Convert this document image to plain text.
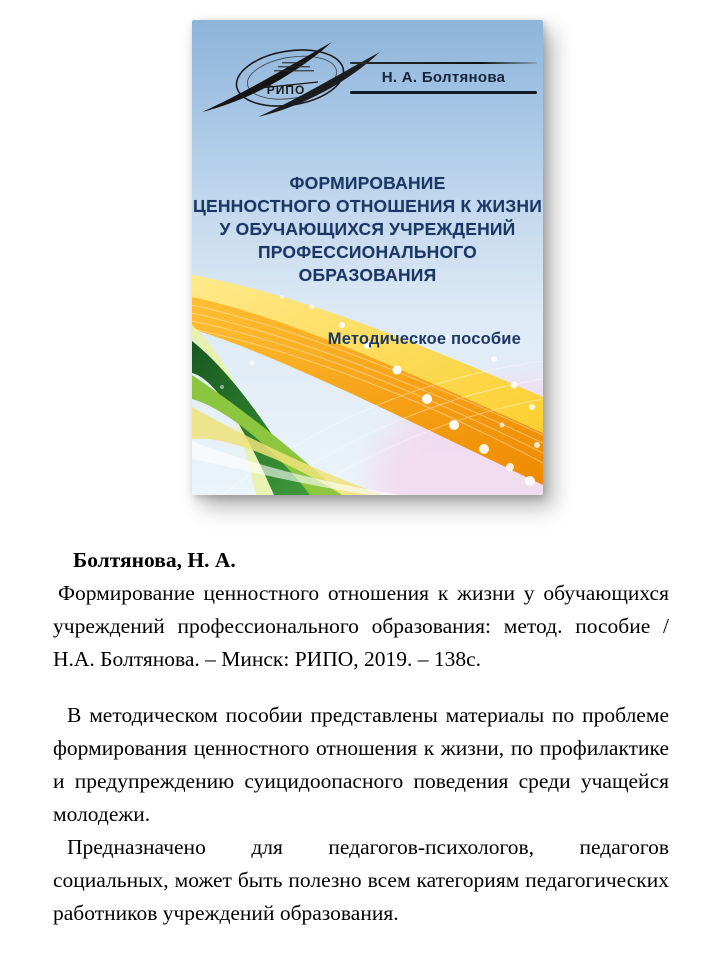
РИПО
Н. А. Болтянова
ФОРМИРОВАНИЕ
ЦЕННОСТНОГО ОТНОШЕНИЯ К ЖИЗНИ
У ОБУЧАЮЩИХСЯ УЧРЕЖДЕНИЙ
ПРОФЕССИОНАЛЬНОГО ОБРАЗОВАНИЯ
Методическое пособие

Болтянова, Н. А.

Формирование ценностного отношения к жизни у обучающихся учреждений профессионального образования: метод. пособие / Н.А. Болтянова. – Минск: РИПО, 2019. – 138с.

В методическом пособии представлены материалы по проблеме формирования ценностного отношения к жизни, по профилактике и предупреждению суицидоопасного поведения среди учащейся молодежи.

Предназначено для педагогов-психологов, педагогов социальных, может быть полезно всем категориям педагогических работников учреждений образования.
